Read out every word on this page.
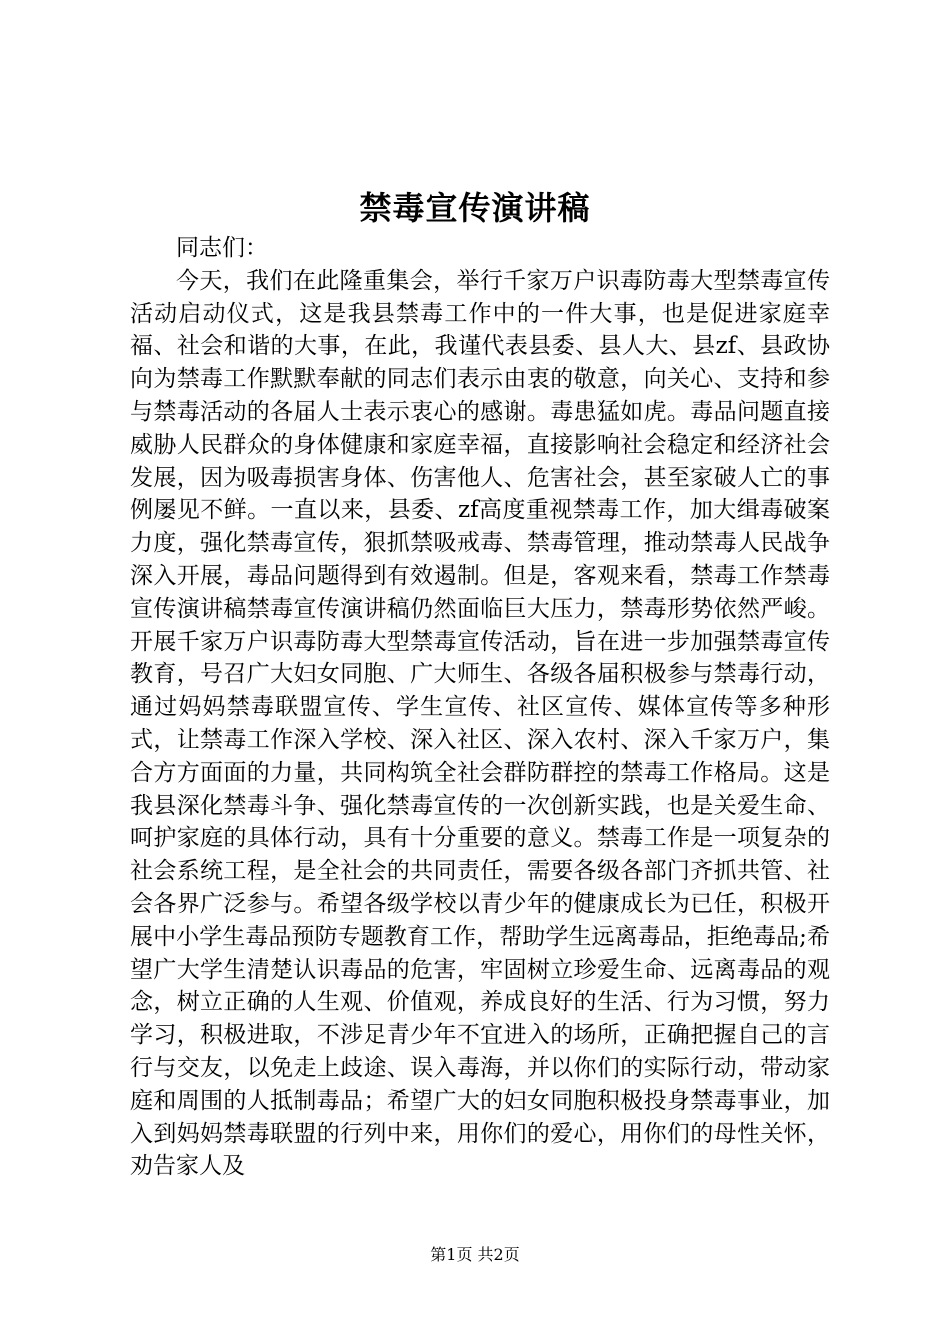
禁毒宣传演讲稿

同志们：

今天，我们在此隆重集会，举行千家万户识毒防毒大型禁毒宣传活动启动仪式，这是我县禁毒工作中的一件大事，也是促进家庭幸福、社会和谐的大事，在此，我谨代表县委、县人大、县zf、县政协向为禁毒工作默默奉献的同志们表示由衷的敬意，向关心、支持和参与禁毒活动的各届人士表示衷心的感谢。毒患猛如虎。毒品问题直接威胁人民群众的身体健康和家庭幸福，直接影响社会稳定和经济社会发展，因为吸毒损害身体、伤害他人、危害社会，甚至家破人亡的事例屡见不鲜。一直以来，县委、zf高度重视禁毒工作，加大缉毒破案力度，强化禁毒宣传，狠抓禁吸戒毒、禁毒管理，推动禁毒人民战争深入开展，毒品问题得到有效遏制。但是，客观来看，禁毒工作禁毒宣传演讲稿禁毒宣传演讲稿仍然面临巨大压力，禁毒形势依然严峻。开展千家万户识毒防毒大型禁毒宣传活动，旨在进一步加强禁毒宣传教育，号召广大妇女同胞、广大师生、各级各届积极参与禁毒行动，通过妈妈禁毒联盟宣传、学生宣传、社区宣传、媒体宣传等多种形式，让禁毒工作深入学校、深入社区、深入农村、深入千家万户，集合方方面面的力量，共同构筑全社会群防群控的禁毒工作格局。这是我县深化禁毒斗争、强化禁毒宣传的一次创新实践，也是关爱生命、呵护家庭的具体行动，具有十分重要的意义。禁毒工作是一项复杂的社会系统工程，是全社会的共同责任，需要各级各部门齐抓共管、社会各界广泛参与。希望各级学校以青少年的健康成长为已任，积极开展中小学生毒品预防专题教育工作，帮助学生远离毒品，拒绝毒品;希望广大学生清楚认识毒品的危害，牢固树立珍爱生命、远离毒品的观念，树立正确的人生观、价值观，养成良好的生活、行为习惯，努力学习，积极进取，不涉足青少年不宜进入的场所，正确把握自己的言行与交友，以免走上歧途、误入毒海，并以你们的实际行动，带动家庭和周围的人抵制毒品；希望广大的妇女同胞积极投身禁毒事业，加入到妈妈禁毒联盟的行列中来，用你们的爱心，用你们的母性关怀，劝告家人及

第1页 共2页
